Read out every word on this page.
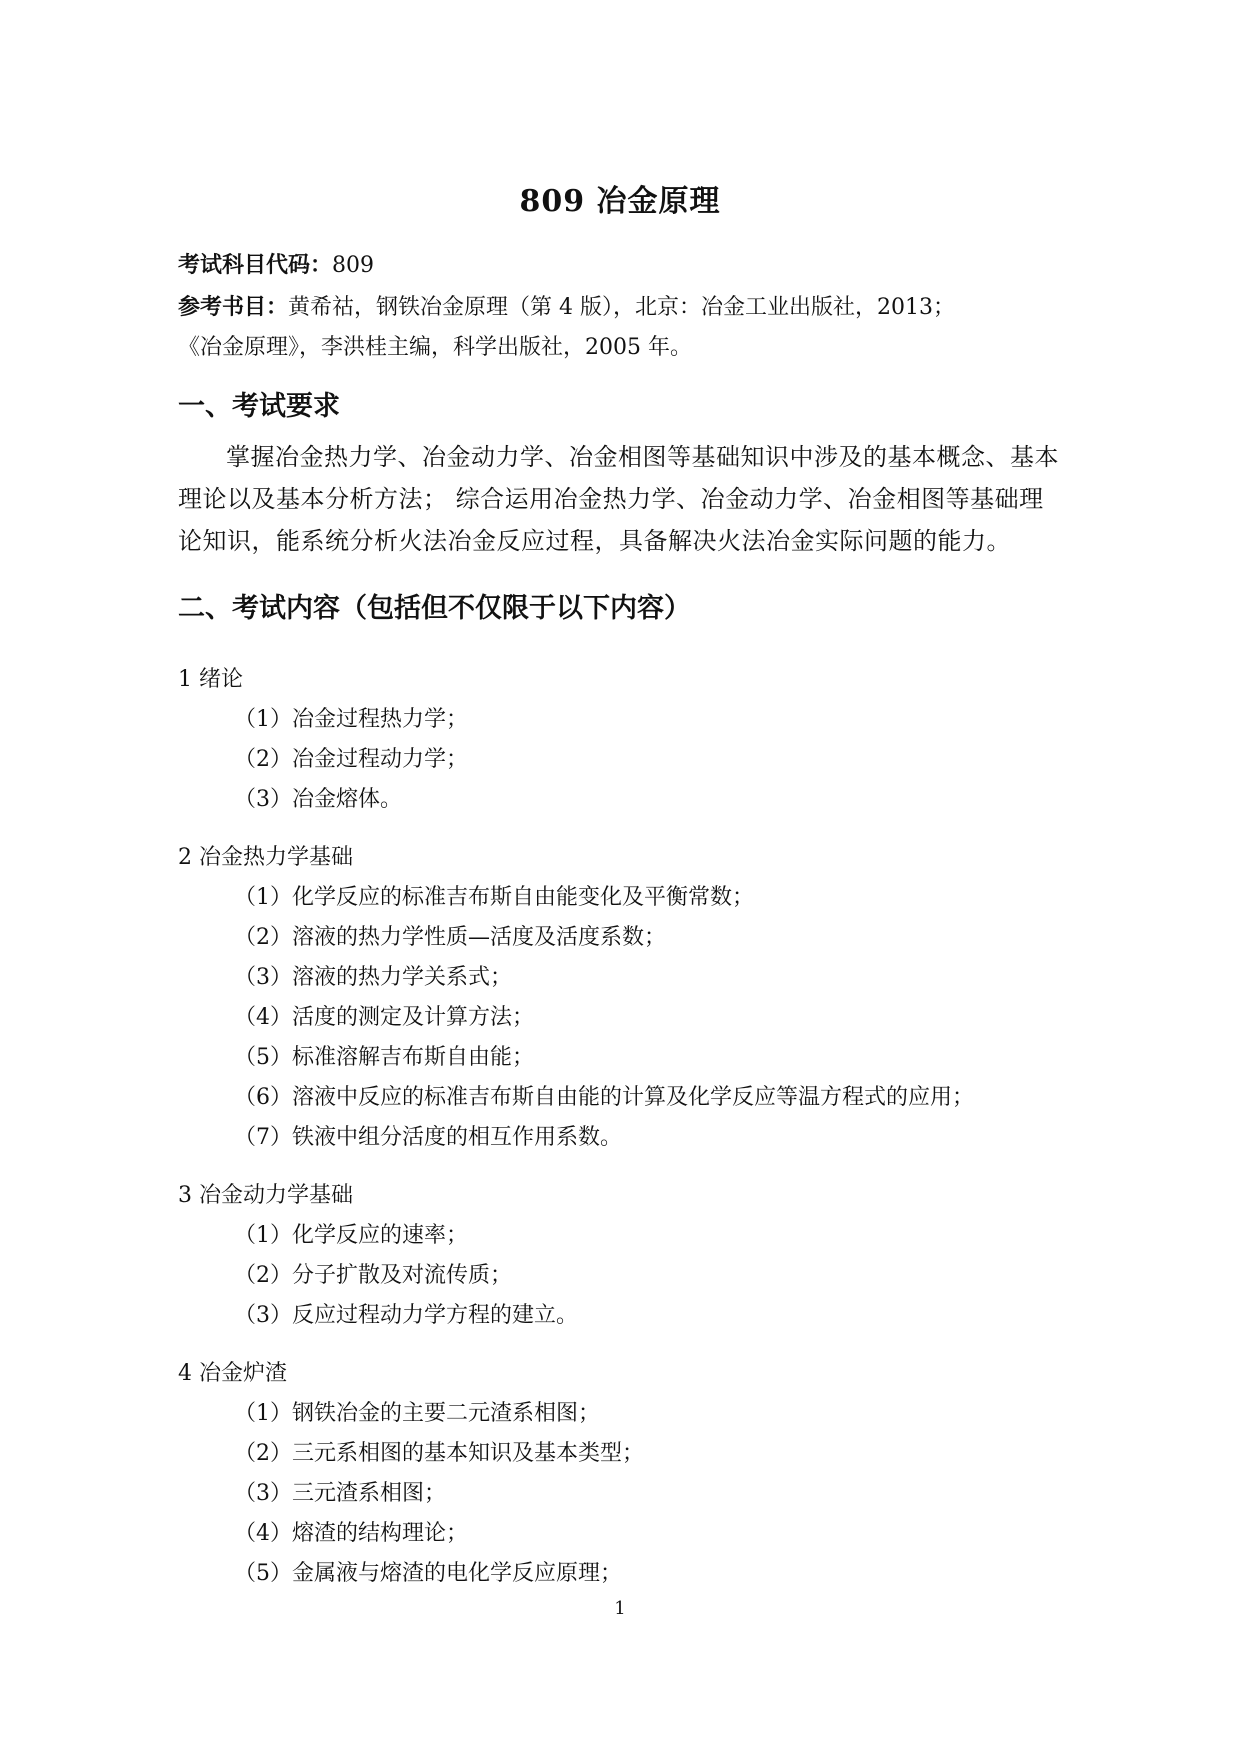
809 冶金原理
考试科目代码：809
参考书目：黄希祜，钢铁冶金原理（第 4 版），北京：冶金工业出版社，2013；
《冶金原理》，李洪桂主编，科学出版社，2005 年。
一、考试要求
掌握冶金热力学、冶金动力学、冶金相图等基础知识中涉及的基本概念、基本理论以及基本分析方法； 综合运用冶金热力学、冶金动力学、冶金相图等基础理论知识，能系统分析火法冶金反应过程，具备解决火法冶金实际问题的能力。
二、考试内容（包括但不仅限于以下内容）
1 绪论
（1）冶金过程热力学；
（2）冶金过程动力学；
（3）冶金熔体。
2 冶金热力学基础
（1）化学反应的标准吉布斯自由能变化及平衡常数；
（2）溶液的热力学性质—活度及活度系数；
（3）溶液的热力学关系式；
（4）活度的测定及计算方法；
（5）标准溶解吉布斯自由能；
（6）溶液中反应的标准吉布斯自由能的计算及化学反应等温方程式的应用；
（7）铁液中组分活度的相互作用系数。
3 冶金动力学基础
（1）化学反应的速率；
（2）分子扩散及对流传质；
（3）反应过程动力学方程的建立。
4 冶金炉渣
（1）钢铁冶金的主要二元渣系相图；
（2）三元系相图的基本知识及基本类型；
（3）三元渣系相图；
（4）熔渣的结构理论；
（5）金属液与熔渣的电化学反应原理；
1
